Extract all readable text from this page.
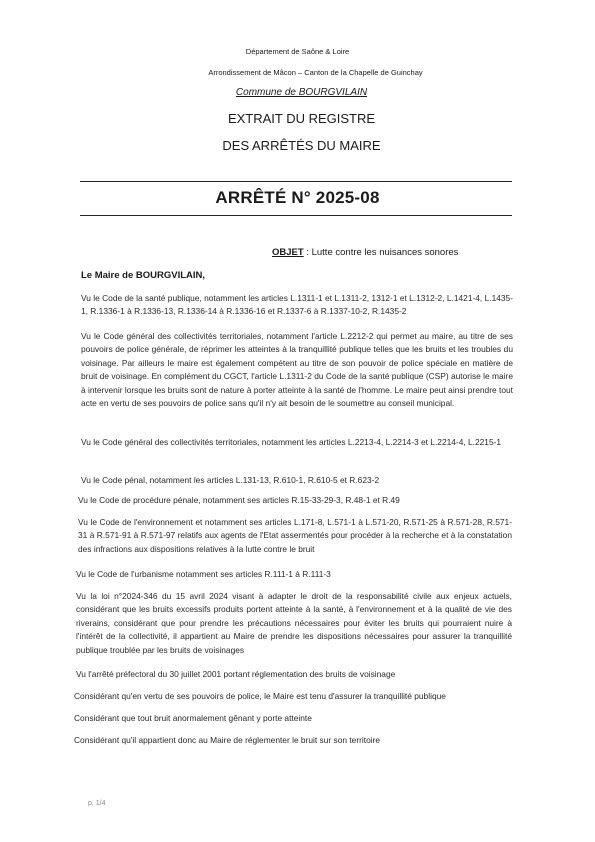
Département de Saône & Loire
Arrondissement de Mâcon – Canton de la Chapelle de Guinchay
Commune de BOURGVILAIN
EXTRAIT DU REGISTRE
DES ARRÊTÉS DU MAIRE
ARRÊTÉ N° 2025-08
OBJET : Lutte contre les nuisances sonores
Le Maire de BOURGVILAIN,

Vu le Code de la santé publique, notamment les articles L.1311-1 et L.1311-2, 1312-1 et L.1312-2, L.1421-4, L.1435-1, R.1336-1 à R.1336-13, R.1336-14 à R.1336-16 et R.1337-6 à R.1337-10-2, R.1435-2

Vu le Code général des collectivités territoriales, notamment l'article L.2212-2 qui permet au maire, au titre de ses pouvoirs de police générale, de réprimer les atteintes à la tranquillité publique telles que les bruits et les troubles du voisinage. Par ailleurs le maire est également compétent au titre de son pouvoir de police spéciale en matière de bruit de voisinage. En complément du CGCT, l'article L.1311-2 du Code de la santé publique (CSP) autorise le maire à intervenir lorsque les bruits sont de nature à porter atteinte à la santé de l'homme. Le maire peut ainsi prendre tout acte en vertu de ses pouvoirs de police sans qu'il n'y ait besoin de le soumettre au conseil municipal.

Vu le Code général des collectivités territoriales, notamment les articles L.2213-4, L.2214-3 et L.2214-4, L.2215-1

Vu le Code pénal, notamment les articles L.131-13, R.610-1, R.610-5 et R.623-2

Vu le Code de procédure pénale, notamment ses articles R.15-33-29-3, R.48-1 et R.49

Vu le Code de l'environnement et notamment ses articles L.171-8, L.571-1 à L.571-20, R.571-25 à R.571-28, R.571-31 à R.571-91 à R.571-97 relatifs aux agents de l'Etat assermentés pour procéder à la recherche et à la constatation des infractions aux dispositions relatives à la lutte contre le bruit

Vu le Code de l'urbanisme notamment ses articles R.111-1 à R.111-3

Vu la loi n°2024-346 du 15 avril 2024 visant à adapter le droit de la responsabilité civile aux enjeux actuels, considérant que les bruits excessifs produits portent atteinte à la santé, à l'environnement et à la qualité de vie des riverains, considérant que pour prendre les précautions nécessaires pour éviter les bruits qui pourraient nuire à l'intérêt de la collectivité, il appartient au Maire de prendre les dispositions nécessaires pour assurer la tranquillité publique troublée par les bruits de voisinages

Vu l'arrêté préfectoral du 30 juillet 2001 portant réglementation des bruits de voisinage

Considérant qu'en vertu de ses pouvoirs de police, le Maire est tenu d'assurer la tranquillité publique

Considérant que tout bruit anormalement gênant y porte atteinte

Considérant qu'il appartient donc au Maire de réglementer le bruit sur son territoire

p. 1/4
